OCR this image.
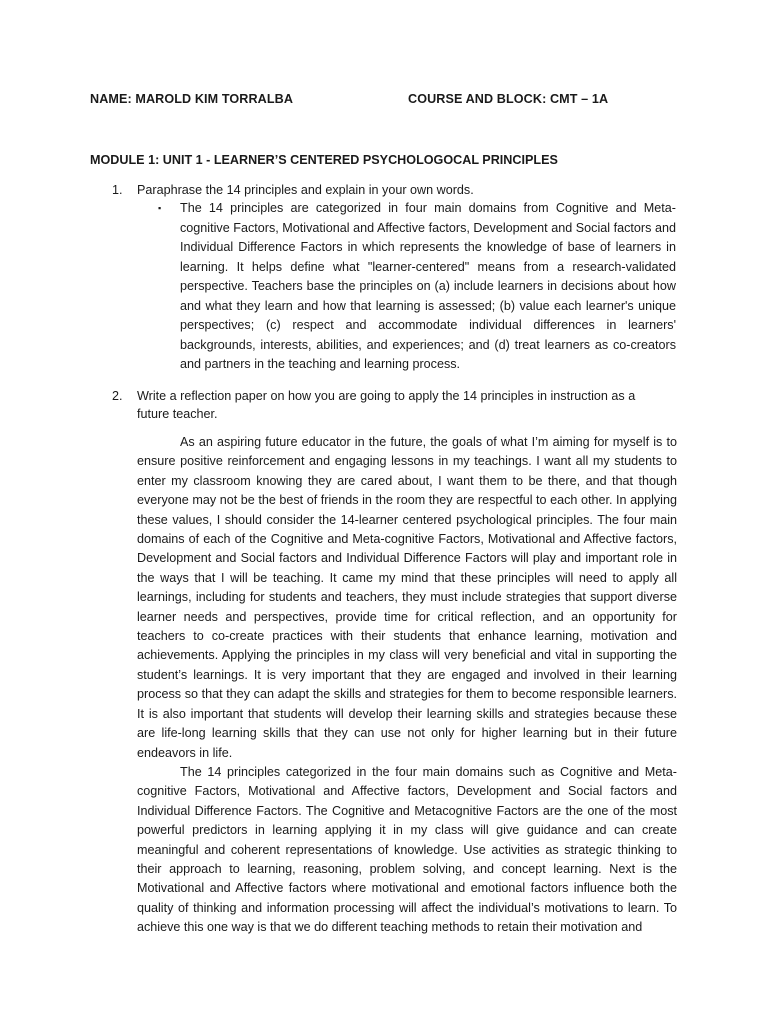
NAME: MAROLD KIM TORRALBA	COURSE AND BLOCK: CMT – 1A
MODULE 1: UNIT 1 - LEARNER’S CENTERED PSYCHOLOGOCAL PRINCIPLES
1. Paraphrase the 14 principles and explain in your own words.
▪ The 14 principles are categorized in four main domains from Cognitive and Meta-cognitive Factors, Motivational and Affective factors, Development and Social factors and Individual Difference Factors in which represents the knowledge of base of learners in learning. It helps define what "learner-centered" means from a research-validated perspective. Teachers base the principles on (a) include learners in decisions about how and what they learn and how that learning is assessed; (b) value each learner's unique perspectives; (c) respect and accommodate individual differences in learners' backgrounds, interests, abilities, and experiences; and (d) treat learners as co-creators and partners in the teaching and learning process.
2. Write a reflection paper on how you are going to apply the 14 principles in instruction as a future teacher.
As an aspiring future educator in the future, the goals of what I’m aiming for myself is to ensure positive reinforcement and engaging lessons in my teachings. I want all my students to enter my classroom knowing they are cared about, I want them to be there, and that though everyone may not be the best of friends in the room they are respectful to each other. In applying these values, I should consider the 14-learner centered psychological principles. The four main domains of each of the Cognitive and Meta-cognitive Factors, Motivational and Affective factors, Development and Social factors and Individual Difference Factors will play and important role in the ways that I will be teaching. It came my mind that these principles will need to apply all learnings, including for students and teachers, they must include strategies that support diverse learner needs and perspectives, provide time for critical reflection, and an opportunity for teachers to co-create practices with their students that enhance learning, motivation and achievements. Applying the principles in my class will very beneficial and vital in supporting the student’s learnings. It is very important that they are engaged and involved in their learning process so that they can adapt the skills and strategies for them to become responsible learners. It is also important that students will develop their learning skills and strategies because these are life-long learning skills that they can use not only for higher learning but in their future endeavors in life.
The 14 principles categorized in the four main domains such as Cognitive and Meta-cognitive Factors, Motivational and Affective factors, Development and Social factors and Individual Difference Factors. The Cognitive and Metacognitive Factors are the one of the most powerful predictors in learning applying it in my class will give guidance and can create meaningful and coherent representations of knowledge. Use activities as strategic thinking to their approach to learning, reasoning, problem solving, and concept learning. Next is the Motivational and Affective factors where motivational and emotional factors influence both the quality of thinking and information processing will affect the individual’s motivations to learn. To achieve this one way is that we do different teaching methods to retain their motivation and
